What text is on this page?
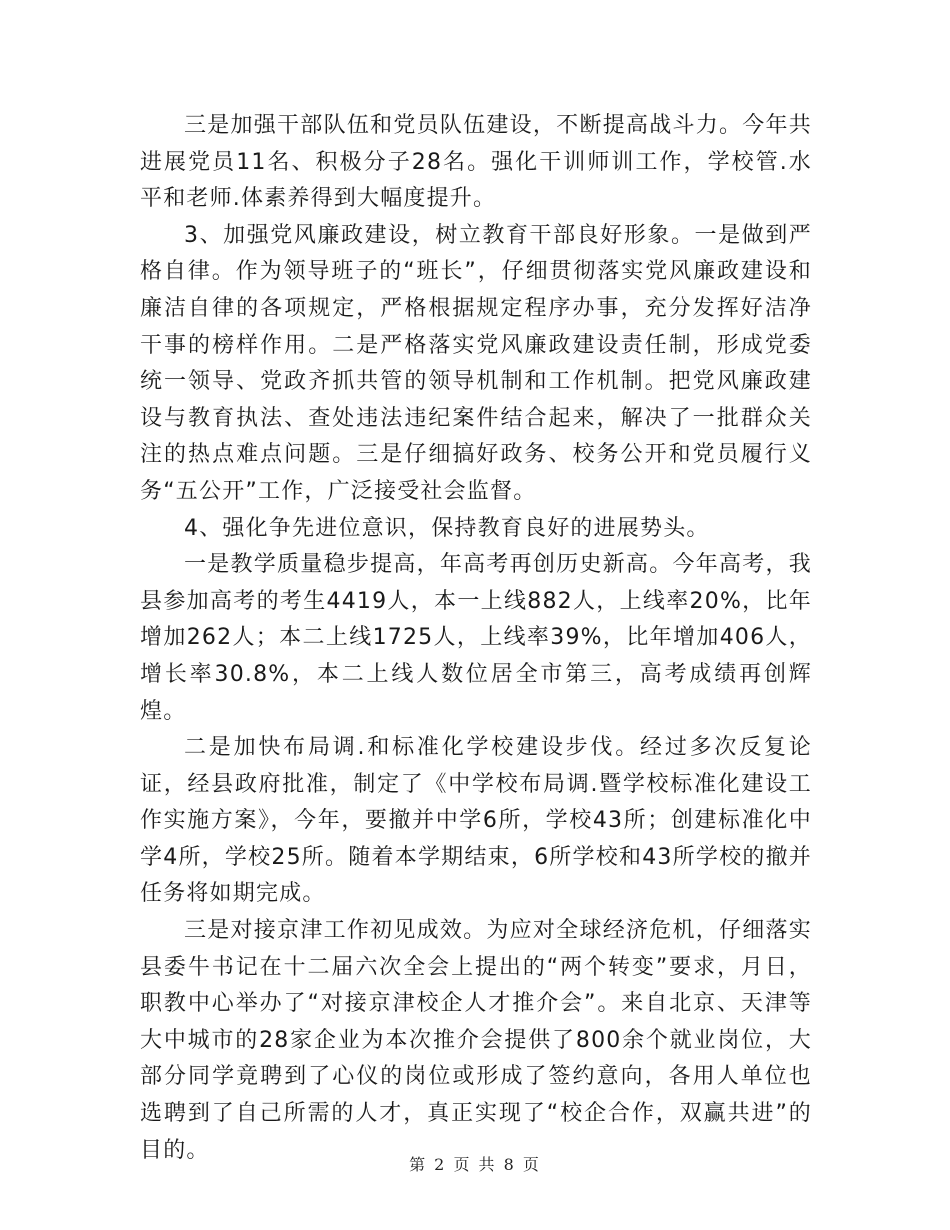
三是加强干部队伍和党员队伍建设，不断提高战斗力。今年共进展党员11名、积极分子28名。强化干训师训工作，学校管.水平和老师.体素养得到大幅度提升。

3、加强党风廉政建设，树立教育干部良好形象。一是做到严格自律。作为领导班子的“班长”，仔细贯彻落实党风廉政建设和廉洁自律的各项规定，严格根据规定程序办事，充分发挥好洁净干事的榜样作用。二是严格落实党风廉政建设责任制，形成党委统一领导、党政齐抓共管的领导机制和工作机制。把党风廉政建设与教育执法、查处违法违纪案件结合起来，解决了一批群众关注的热点难点问题。三是仔细搞好政务、校务公开和党员履行义务“五公开”工作，广泛接受社会监督。

4、强化争先进位意识，保持教育良好的进展势头。

一是教学质量稳步提高，年高考再创历史新高。今年高考，我县参加高考的考生4419人，本一上线882人，上线率20%，比年增加262人；本二上线1725人，上线率39%，比年增加406人，增长率30.8%，本二上线人数位居全市第三，高考成绩再创辉煌。

二是加快布局调.和标准化学校建设步伐。经过多次反复论证，经县政府批准，制定了《中学校布局调.暨学校标准化建设工作实施方案》，今年，要撤并中学6所，学校43所；创建标准化中学4所，学校25所。随着本学期结束，6所学校和43所学校的撤并任务将如期完成。

三是对接京津工作初见成效。为应对全球经济危机，仔细落实县委牛书记在十二届六次全会上提出的“两个转变”要求，月日，职教中心举办了“对接京津校企人才推介会”。来自北京、天津等大中城市的28家企业为本次推介会提供了800余个就业岗位，大部分同学竟聘到了心仪的岗位或形成了签约意向，各用人单位也选聘到了自己所需的人才，真正实现了“校企合作，双赢共进”的目的。

第 2 页 共 8 页
